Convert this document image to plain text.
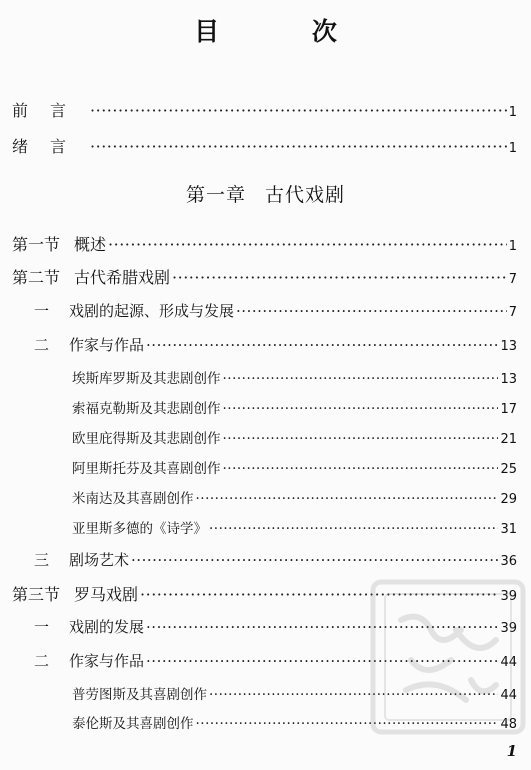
目 次
前言 ·····	1
绪言 ·····	1
第一章 古代戏剧
第一节 概述 ·····	1
第二节 古代希腊戏剧 ·····	7
一 戏剧的起源、形成与发展 ·····	7
二 作家与作品 ·····	13
埃斯库罗斯及其悲剧创作 ·····	13
索福克勒斯及其悲剧创作 ·····	17
欧里庇得斯及其悲剧创作 ·····	21
阿里斯托芬及其喜剧创作 ·····	25
米南达及其喜剧创作 ·····	29
亚里斯多德的《诗学》 ·····	31
三 剧场艺术 ·····	36
第三节 罗马戏剧 ·····	39
一 戏剧的发展 ·····	39
二 作家与作品 ·····	44
普劳图斯及其喜剧创作 ·····	44
泰伦斯及其喜剧创作 ·····	48
1
